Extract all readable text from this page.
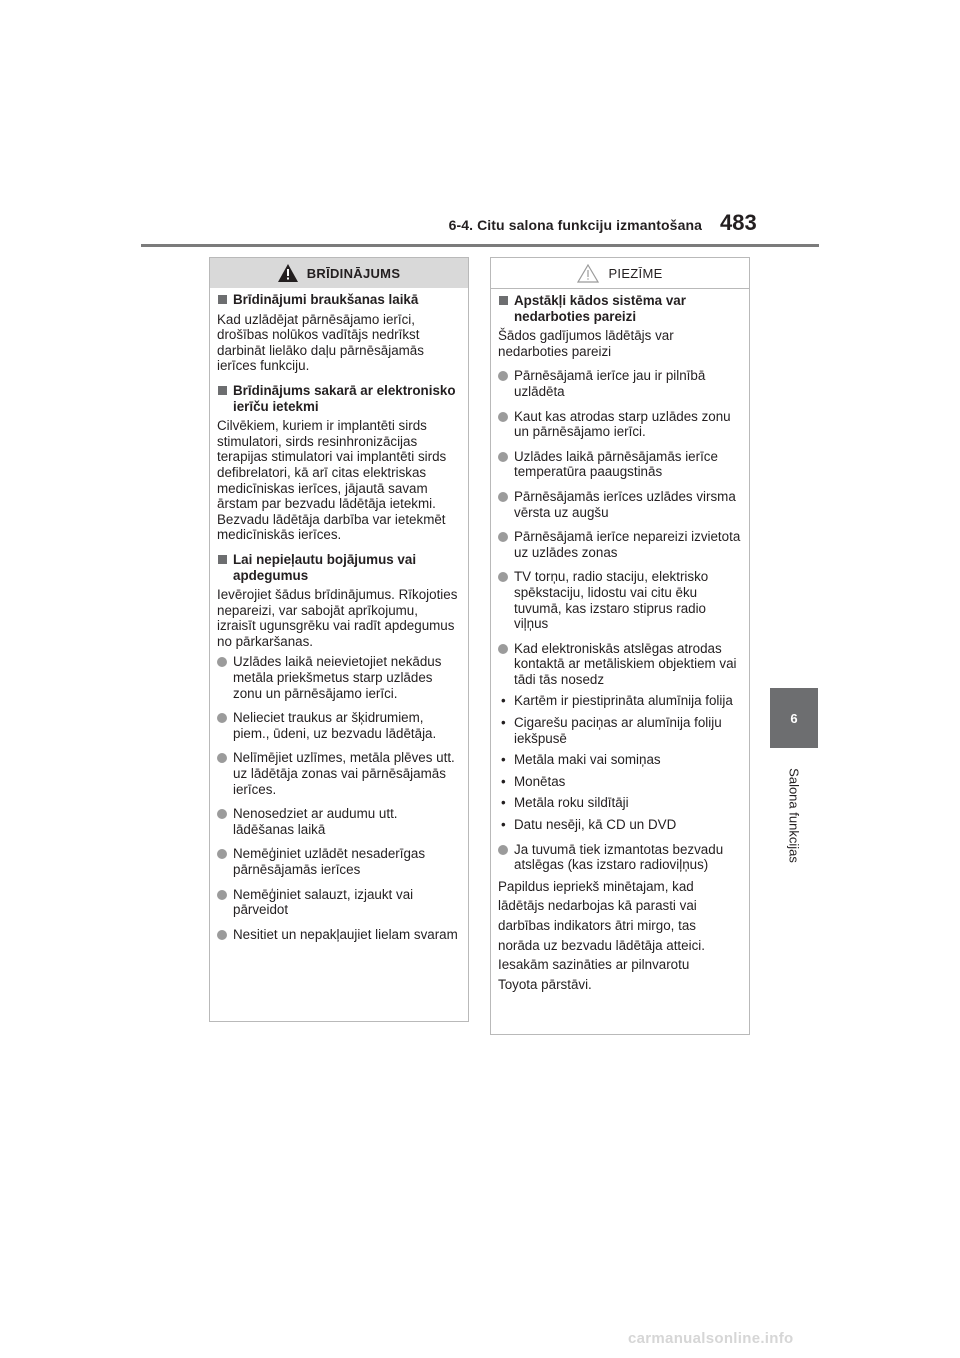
6-4. Citu salona funkciju izmantošana 483
6
Salona funkcijas
BRĪDINĀJUMS
Brīdinājumi braukšanas laikā

Kad uzlādējat pārnēsājamo ierīci, drošības nolūkos vadītājs nedrīkst darbināt lielāko daļu pārnēsājamās ierīces funkciju.

Brīdinājums sakarā ar elektronisko ierīču ietekmi

Cilvēkiem, kuriem ir implantēti sirds stimulatori, sirds resinhronizācijas terapijas stimulatori vai implantēti sirds defibrelatori, kā arī citas elektriskas medicīniskas ierīces, jājautā savam ārstam par bezvadu lādētāja ietekmi. Bezvadu lādētāja darbība var ietekmēt medicīniskās ierīces.

Lai nepieļautu bojājumus vai apdegumus

Ievērojiet šādus brīdinājumus. Rīkojoties nepareizi, var sabojāt aprīkojumu, izraisīt ugunsgrēku vai radīt apdegumus no pārkaršanas.

Uzlādes laikā neievietojiet nekādus metāla priekšmetus starp uzlādes zonu un pārnēsājamo ierīci.
Nelieciet traukus ar šķidrumiem, piem., ūdeni, uz bezvadu lādētāja.
Nelīmējiet uzlīmes, metāla plēves utt. uz lādētāja zonas vai pārnēsājamās ierīces.
Nenosedziet ar audumu utt. lādēšanas laikā
Nemēģiniet uzlādēt nesaderīgas pārnēsājamās ierīces
Nemēģiniet salauzt, izjaukt vai pārveidot
Nesitiet un nepakļaujiet lielam svaram
PIEZĪME
Apstākļi kādos sistēma var nedarboties pareizi

Šādos gadījumos lādētājs var nedarboties pareizi

Pārnēsājamā ierīce jau ir pilnībā uzlādēta
Kaut kas atrodas starp uzlādes zonu un pārnēsājamo ierīci.
Uzlādes laikā pārnēsājamās ierīce temperatūra paaugstinās
Pārnēsājamās ierīces uzlādes virsma vērsta uz augšu
Pārnēsājamā ierīce nepareizi izvietota uz uzlādes zonas
TV torņu, radio staciju, elektrisko spēkstaciju, lidostu vai citu ēku tuvumā, kas izstaro stiprus radio viļņus
Kad elektroniskās atslēgas atrodas kontaktā ar metāliskiem objektiem vai tādi tās nosedz
• Kartēm ir piestiprināta alumīnija folija
• Cigarešu paciņas ar alumīnija foliju iekšpusē
• Metāla maki vai somiņas
• Monētas
• Metāla roku sildītāji
• Datu nesēji, kā CD un DVD
Ja tuvumā tiek izmantotas bezvadu atslēgas (kas izstaro radioviļņus)

Papildus iepriekš minētajam, kad

lādētājs nedarbojas kā parasti vai

darbības indikators ātri mirgo, tas

norāda uz bezvadu lādētāja atteici.

Iesakām sazināties ar pilnvarotu

Toyota pārstāvi.

carmanualsonline.info
